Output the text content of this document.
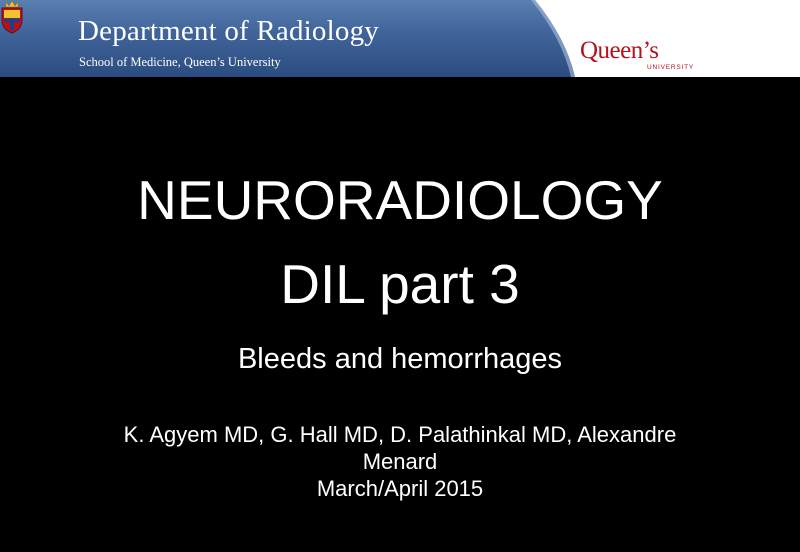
Department of Radiology
School of Medicine, Queen’s University	Queen’s
UNIVERSITY
NEURORADIOLOGY
DIL part 3
Bleeds and hemorrhages
K. Agyem MD, G. Hall MD, D. Palathinkal MD, Alexandre
Menard
March/April 2015
